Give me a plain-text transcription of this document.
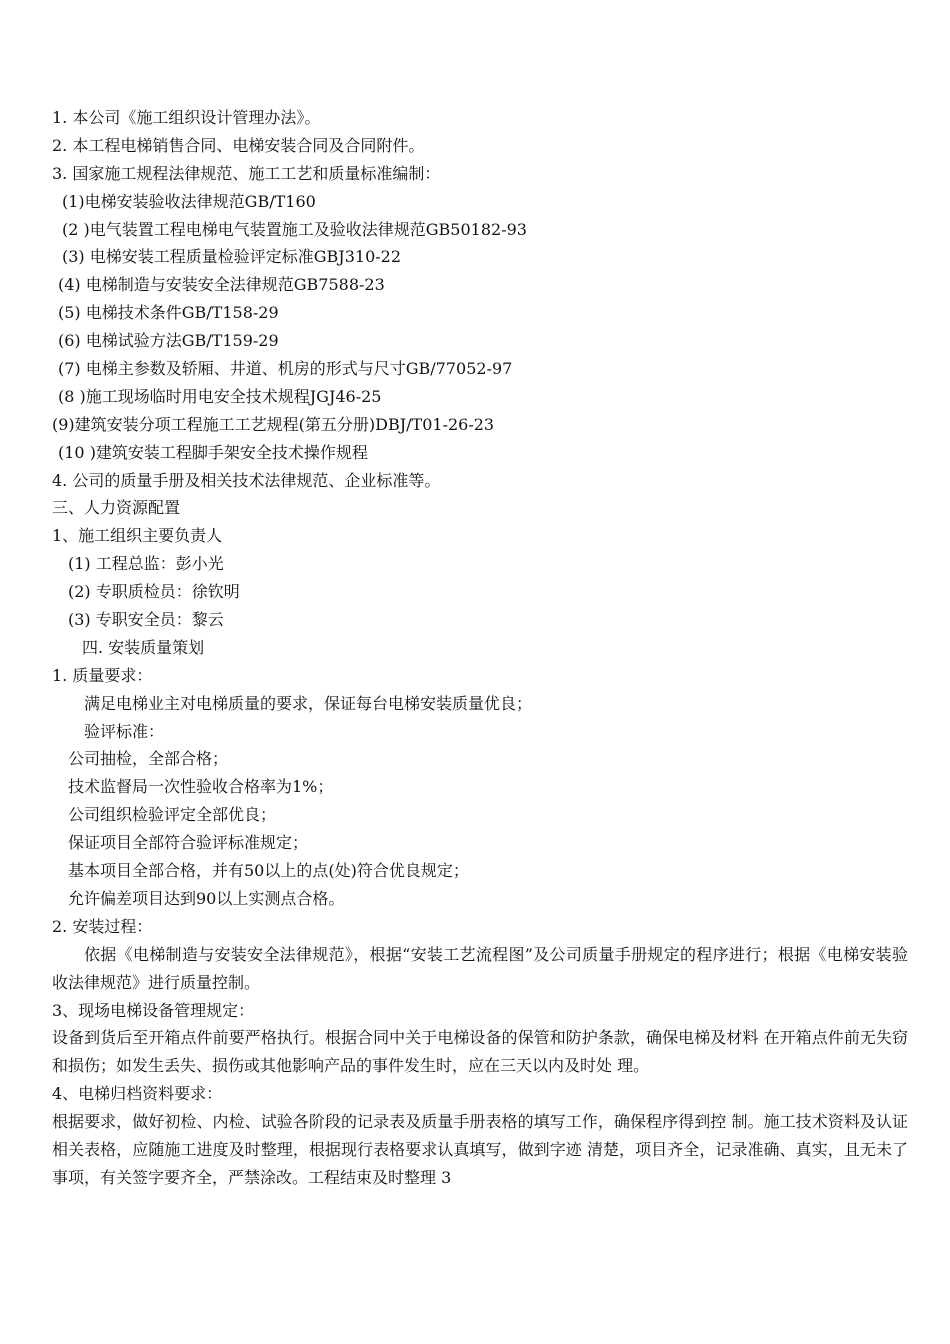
1. 本公司《施工组织设计管理办法》。
2. 本工程电梯销售合同、电梯安装合同及合同附件。
3. 国家施工规程法律规范、施工工艺和质量标准编制：
(1)电梯安装验收法律规范GB/T160
(2 )电气装置工程电梯电气装置施工及验收法律规范GB50182-93
(3) 电梯安装工程质量检验评定标准GBJ310-22
(4) 电梯制造与安装安全法律规范GB7588-23
(5) 电梯技术条件GB/T158-29
(6) 电梯试验方法GB/T159-29
(7) 电梯主参数及轿厢、井道、机房的形式与尺寸GB/77052-97
(8 )施工现场临时用电安全技术规程JGJ46-25
(9)建筑安装分项工程施工工艺规程(第五分册)DBJ/T01-26-23
(10 )建筑安装工程脚手架安全技术操作规程
4. 公司的质量手册及相关技术法律规范、企业标准等。
三、人力资源配置
1、施工组织主要负责人
(1) 工程总监：彭小光
(2) 专职质检员：徐钦明
(3) 专职安全员：黎云
四. 安装质量策划
1. 质量要求：
满足电梯业主对电梯质量的要求，保证每台电梯安装质量优良；
验评标准：
公司抽检，全部合格；
技术监督局一次性验收合格率为1%；
公司组织检验评定全部优良；
保证项目全部符合验评标准规定；
基本项目全部合格，并有50以上的点(处)符合优良规定；
允许偏差项目达到90以上实测点合格。
2. 安装过程：
依据《电梯制造与安装安全法律规范》，根据“安装工艺流程图”及公司质量手册规定的程序进行；根据《电梯安装验收法律规范》进行质量控制。
3、现场电梯设备管理规定：
设备到货后至开箱点件前要严格执行。根据合同中关于电梯设备的保管和防护条款，确保电梯及材料 在开箱点件前无失窃和损伤；如发生丢失、损伤或其他影响产品的事件发生时，应在三天以内及时处 理。
4、电梯归档资料要求：
根据要求，做好初检、内检、试验各阶段的记录表及质量手册表格的填写工作，确保程序得到控 制。施工技术资料及认证相关表格，应随施工进度及时整理，根据现行表格要求认真填写，做到字迹 清楚，项目齐全，记录准确、真实，且无未了事项，有关签字要齐全，严禁涂改。工程结束及时整理 3
